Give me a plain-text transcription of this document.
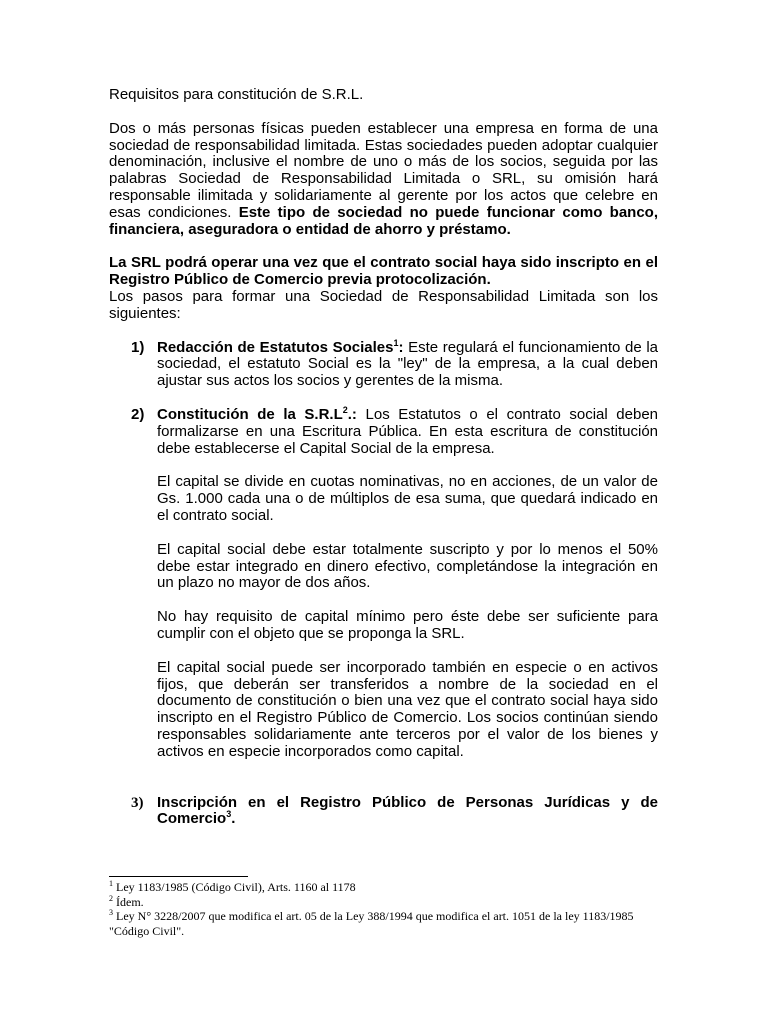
Requisitos para constitución de S.R.L.

Dos o más personas físicas pueden establecer una empresa en forma de una sociedad de responsabilidad limitada. Estas sociedades pueden adoptar cualquier denominación, inclusive el nombre de uno o más de los socios, seguida por las palabras Sociedad de Responsabilidad Limitada o SRL, su omisión hará responsable ilimitada y solidariamente al gerente por los actos que celebre en esas condiciones. Este tipo de sociedad no puede funcionar como banco, financiera, aseguradora o entidad de ahorro y préstamo.

La SRL podrá operar una vez que el contrato social haya sido inscripto en el Registro Público de Comercio previa protocolización.

Los pasos para formar una Sociedad de Responsabilidad Limitada son los siguientes:

1) Redacción de Estatutos Sociales$^1$: Este regulará el funcionamiento de la sociedad, el estatuto Social es la "ley" de la empresa, a la cual deben ajustar sus actos los socios y gerentes de la misma.

2) Constitución de la $S.R.L^2$.: Los Estatutos o el contrato social deben formalizarse en una Escritura Pública. En esta escritura de constitución debe establecerse el Capital Social de la empresa.

El capital se divide en cuotas nominativas, no en acciones, de un valor de Gs. 1.000 cada una o de múltiplos de esa suma, que quedará indicado en el contrato social.

El capital social debe estar totalmente suscripto y por lo menos el 50% debe estar integrado en dinero efectivo, completándose la integración en un plazo no mayor de dos años.

No hay requisito de capital mínimo pero éste debe ser suficiente para cumplir con el objeto que se proponga la SRL.

El capital social puede ser incorporado también en especie o en activos fijos, que deberán ser transferidos a nombre de la sociedad en el documento de constitución o bien una vez que el contrato social haya sido inscripto en el Registro Público de Comercio. Los socios continúan siendo responsables solidariamente ante terceros por el valor de los bienes y activos en especie incorporados como capital.

3) Inscripción en el Registro Público de Personas Jurídicas y de Comercio$^3$.

$^1$ Ley 1183/1985 (Código Civil), Arts. 1160 al 1178

$^2$ Ídem.

$^3$ Ley N° 3228/2007 que modifica el art. 05 de la Ley 388/1994 que modifica el art. 1051 de la ley 1183/1985 "Código Civil".
